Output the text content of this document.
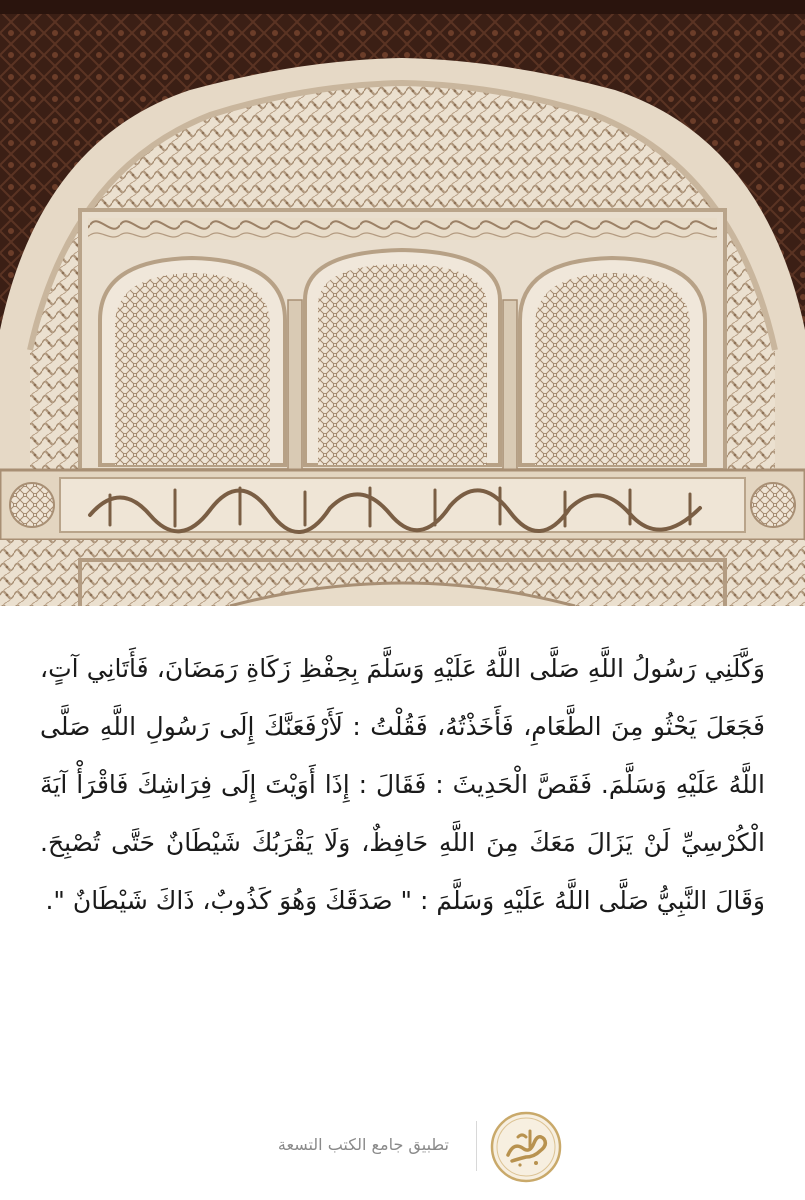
وَكَّلَنِي رَسُولُ اللَّهِ صَلَّى اللَّهُ عَلَيْهِ وَسَلَّمَ بِحِفْظِ زَكَاةِ رَمَضَانَ، فَأَتَانِي آتٍ، فَجَعَلَ يَحْثُو مِنَ الطَّعَامِ، فَأَخَذْتُهُ، فَقُلْتُ : لَأَرْفَعَنَّكَ إِلَى رَسُولِ اللَّهِ صَلَّى اللَّهُ عَلَيْهِ وَسَلَّمَ. فَقَصَّ الْحَدِيثَ : فَقَالَ : إِذَا أَوَيْتَ إِلَى فِرَاشِكَ فَاقْرَأْ آيَةَ الْكُرْسِيِّ لَنْ يَزَالَ مَعَكَ مِنَ اللَّهِ حَافِظٌ، وَلَا يَقْرَبُكَ شَيْطَانٌ حَتَّى تُصْبِحَ. وَقَالَ النَّبِيُّ صَلَّى اللَّهُ عَلَيْهِ وَسَلَّمَ : " صَدَقَكَ وَهُوَ كَذُوبٌ، ذَاكَ شَيْطَانٌ ".
تطبيق جامع الكتب التسعة
